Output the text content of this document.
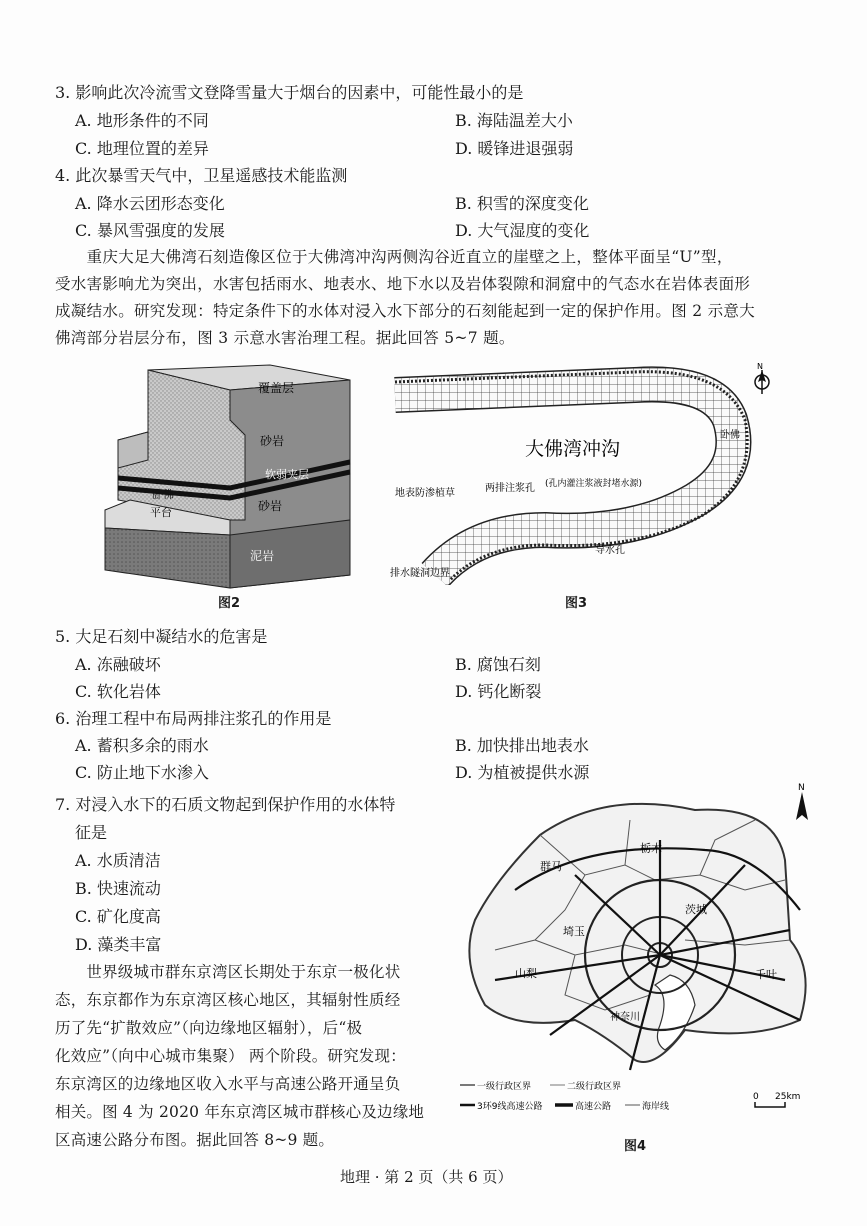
3. 影响此次冷流雪文登降雪量大于烟台的因素中，可能性最小的是
A. 地形条件的不同	B. 海陆温差大小
C. 地理位置的差异	D. 暖锋进退强弱
4. 此次暴雪天气中，卫星遥感技术能监测
A. 降水云团形态变化	B. 积雪的深度变化
C. 暴风雪强度的发展	D. 大气湿度的变化
　　重庆大足大佛湾石刻造像区位于大佛湾冲沟两侧沟谷近直立的崖壁之上，整体平面呈“U”型，
受水害影响尤为突出，水害包括雨水、地表水、地下水以及岩体裂隙和洞窟中的气态水在岩体表面形
成凝结水。研究发现：特定条件下的水体对浸入水下部分的石刻能起到一定的保护作用。图 2 示意大
佛湾部分岩层分布，图 3 示意水害治理工程。据此回答 5~7 题。
覆盖层
砂岩
软弱夹层
卧佛
平台	砂岩
泥岩
图2
大佛湾冲沟
卧佛
地表防渗植草	两排注浆孔 (孔内灌注浆液封堵水源)
导水孔
排水隧洞边界
N
图3
5. 大足石刻中凝结水的危害是
A. 冻融破坏	B. 腐蚀石刻
C. 软化岩体	D. 钙化断裂
6. 治理工程中布局两排注浆孔的作用是
A. 蓄积多余的雨水	B. 加快排出地表水
C. 防止地下水渗入	D. 为植被提供水源
7. 对浸入水下的石质文物起到保护作用的水体特
征是
A. 水质清洁
B. 快速流动
C. 矿化度高
D. 藻类丰富
　　世界级城市群东京湾区长期处于东京一极化状
态，东京都作为东京湾区核心地区，其辐射性质经
历了先“扩散效应”（向边缘地区辐射），后“极
化效应”（向中心城市集聚） 两个阶段。研究发现：
东京湾区的边缘地区收入水平与高速公路开通呈负
相关。图 4 为 2020 年东京湾区城市群核心及边缘地
区高速公路分布图。据此回答 8~9 题。
栃木
群马
茨城
埼玉
山梨	千叶
神奈川
N
一级行政区界	二级行政区界
3环9线高速公路	高速公路	海岸线
0 25km
图4
地理 · 第 2 页（共 6 页）
